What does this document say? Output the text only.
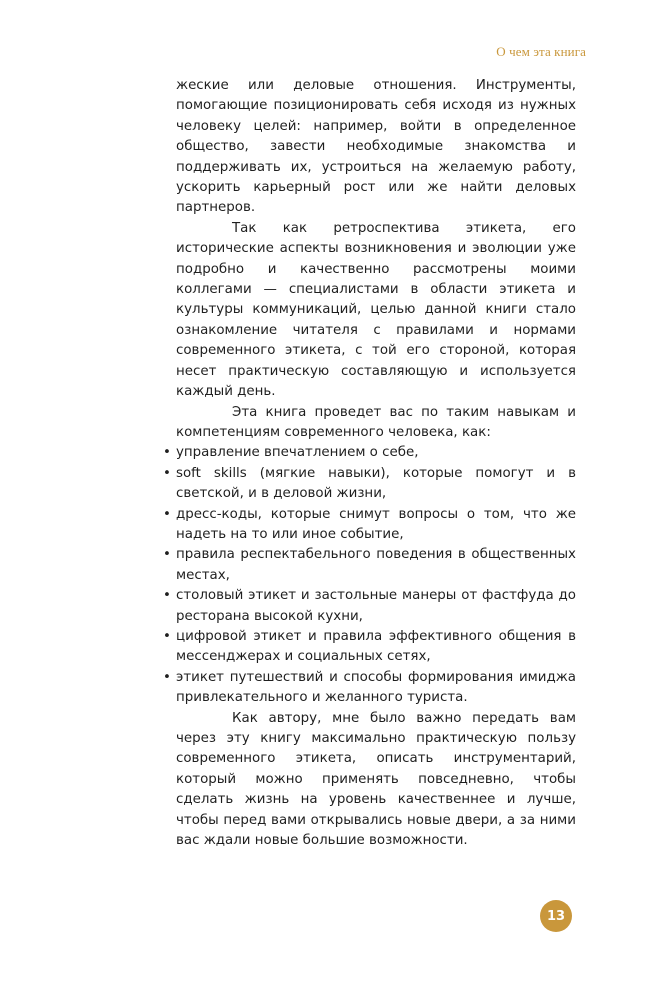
О чем эта книга

жеские или деловые отношения. Инструменты, помогающие позиционировать себя исходя из нужных человеку целей: например, войти в определенное общество, завести необходимые знакомства и поддерживать их, устроиться на желаемую работу, ускорить карьерный рост или же найти деловых партнеров.

Так как ретроспектива этикета, его исторические аспекты возникновения и эволюции уже подробно и качественно рассмотрены моими коллегами — специалистами в области этикета и культуры коммуникаций, целью данной книги стало ознакомление читателя с правилами и нормами современного этикета, с той его стороной, которая несет практическую составляющую и используется каждый день.

Эта книга проведет вас по таким навыкам и компетенциям современного человека, как:

• управление впечатлением о себе,
• soft skills (мягкие навыки), которые помогут и в светской, и в деловой жизни,
• дресс-коды, которые снимут вопросы о том, что же надеть на то или иное событие,
• правила респектабельного поведения в общественных местах,
• столовый этикет и застольные манеры от фастфуда до ресторана высокой кухни,
• цифровой этикет и правила эффективного общения в мессенджерах и социальных сетях,
• этикет путешествий и способы формирования имиджа привлекательного и желанного туриста.

Как автору, мне было важно передать вам через эту книгу максимально практическую пользу современного этикета, описать инструментарий, который можно применять повседневно, чтобы сделать жизнь на уровень качественнее и лучше, чтобы перед вами открывались новые двери, а за ними вас ждали новые большие возможности.

13
